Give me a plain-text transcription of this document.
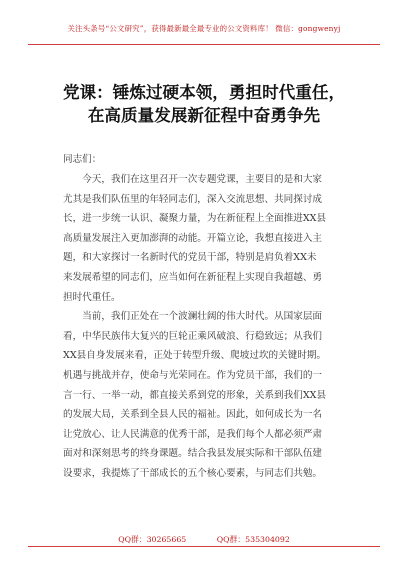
关注头条号“公文研究”，获得最新最全最专业的公文资料库！ 微信：gongwenyj
党课：锤炼过硬本领，勇担时代重任，
在高质量发展新征程中奋勇争先

同志们：

今天，我们在这里召开一次专题党课，主要目的是和大家
尤其是我们队伍里的年轻同志们，深入交流思想、共同探讨成
长，进一步统一认识、凝聚力量，为在新征程上全面推进XX县
高质量发展注入更加澎湃的动能。开篇立论，我想直接进入主
题，和大家探讨一名新时代的党员干部，特别是肩负着XX未
来发展希望的同志们，应当如何在新征程上实现自我超越、勇
担时代重任。

当前，我们正处在一个波澜壮阔的伟大时代。从国家层面
看，中华民族伟大复兴的巨轮正乘风破浪、行稳致远；从我们
XX县自身发展来看，正处于转型升级、爬坡过坎的关键时期。
机遇与挑战并存，使命与光荣同在。作为党员干部，我们的一
言一行、一举一动，都直接关系到党的形象，关系到我们XX县
的发展大局，关系到全县人民的福祉。因此，如何成长为一名
让党放心、让人民满意的优秀干部，是我们每个人都必须严肃
面对和深刻思考的终身课题。结合我县发展实际和干部队伍建
设要求，我提炼了干部成长的五个核心要素，与同志们共勉。

QQ群：30265665	QQ群：535304092
